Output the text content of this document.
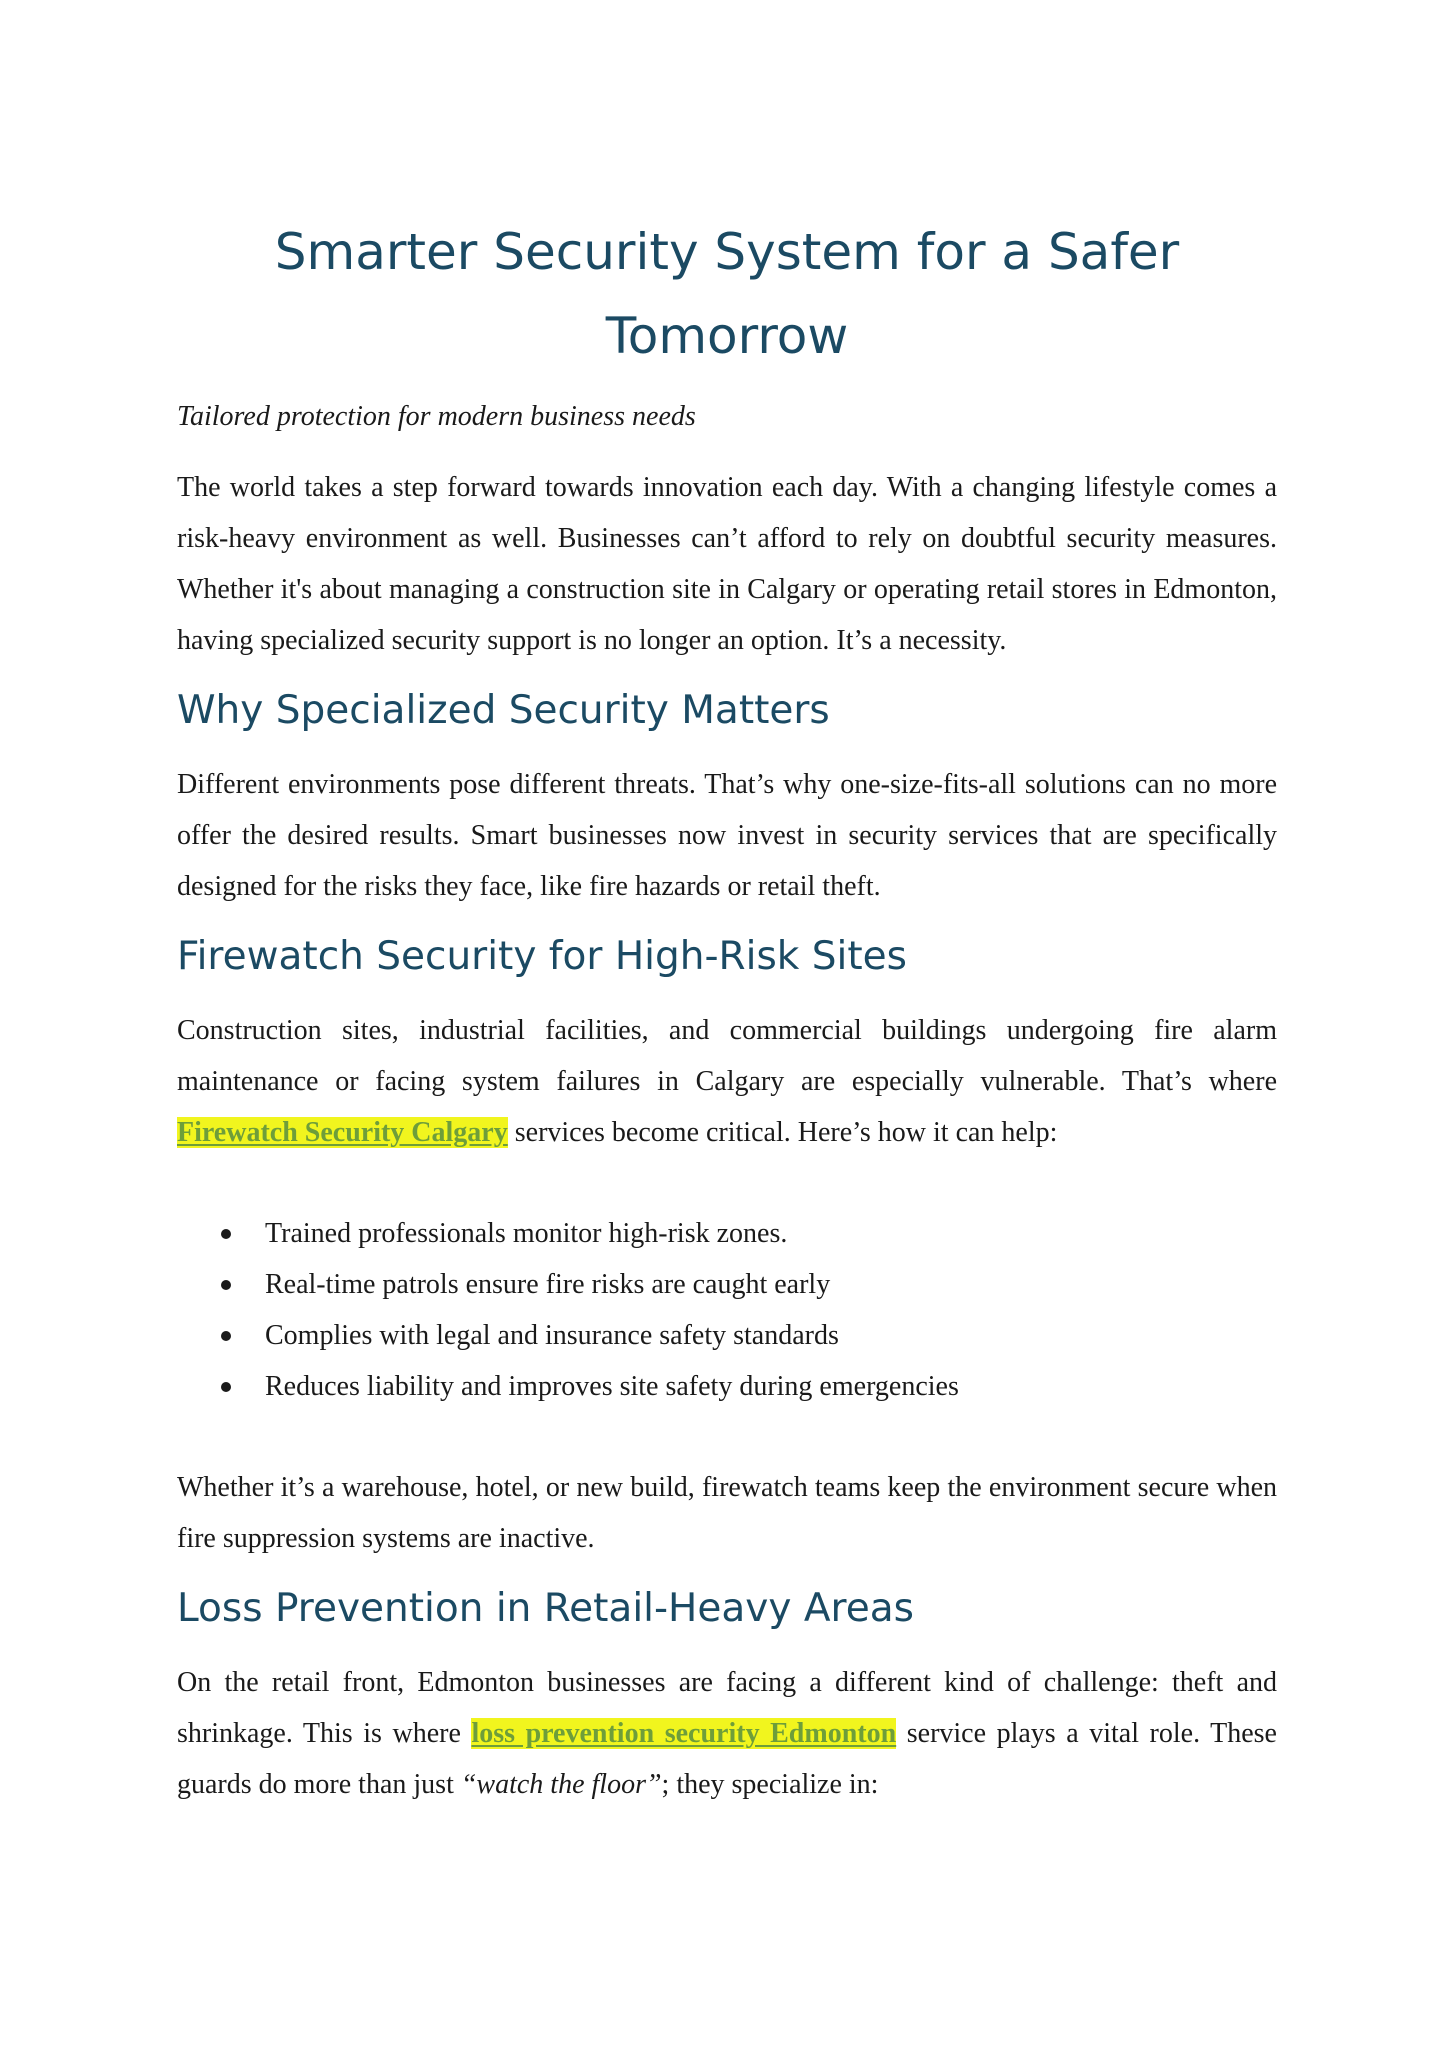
Smarter Security System for a Safer
Tomorrow
Tailored protection for modern business needs

The world takes a step forward towards innovation each day. With a changing lifestyle comes a risk-heavy environment as well. Businesses can’t afford to rely on doubtful security measures. Whether it's about managing a construction site in Calgary or operating retail stores in Edmonton, having specialized security support is no longer an option. It’s a necessity.

Why Specialized Security Matters

Different environments pose different threats. That’s why one-size-fits-all solutions can no more offer the desired results. Smart businesses now invest in security services that are specifically designed for the risks they face, like fire hazards or retail theft.

Firewatch Security for High-Risk Sites

Construction sites, industrial facilities, and commercial buildings undergoing fire alarm maintenance or facing system failures in Calgary are especially vulnerable. That’s where Firewatch Security Calgary services become critical. Here’s how it can help:

Trained professionals monitor high-risk zones.
Real-time patrols ensure fire risks are caught early
Complies with legal and insurance safety standards
Reduces liability and improves site safety during emergencies

Whether it’s a warehouse, hotel, or new build, firewatch teams keep the environment secure when fire suppression systems are inactive.

Loss Prevention in Retail-Heavy Areas

On the retail front, Edmonton businesses are facing a different kind of challenge: theft and shrinkage. This is where loss prevention security Edmonton service plays a vital role. These guards do more than just “watch the floor”; they specialize in:
